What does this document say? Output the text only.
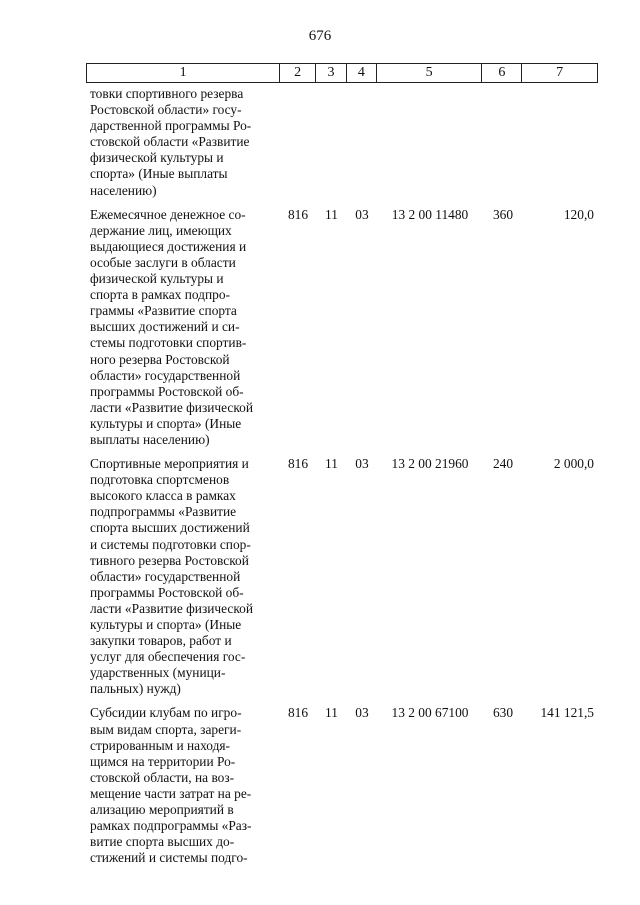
676
1	2	3	4	5	6	7
товки спортивного резерва
Ростовской области» госу-
дарственной программы Ро-
стовской области «Развитие
физической культуры и
спорта» (Иные выплаты
населению)
Ежемесячное денежное со-
держание лиц, имеющих
выдающиеся достижения и
особые заслуги в области
физической культуры и
спорта в рамках подпро-
граммы «Развитие спорта
высших достижений и си-
стемы подготовки спортив-
ного резерва Ростовской
области» государственной
программы Ростовской об-
ласти «Развитие физической
культуры и спорта» (Иные
выплаты населению)
816	11	03	13 2 00 11480	360	120,0
Спортивные мероприятия и
подготовка спортсменов
высокого класса в рамках
подпрограммы «Развитие
спорта высших достижений
и системы подготовки спор-
тивного резерва Ростовской
области» государственной
программы Ростовской об-
ласти «Развитие физической
культуры и спорта» (Иные
закупки товаров, работ и
услуг для обеспечения гос-
ударственных (муници-
пальных) нужд)
816	11	03	13 2 00 21960	240	2 000,0
Субсидии клубам по игро-
вым видам спорта, зареги-
стрированным и находя-
щимся на территории Ро-
стовской области, на воз-
мещение части затрат на ре-
ализацию мероприятий в
рамках подпрограммы «Раз-
витие спорта высших до-
стижений и системы подго-
816	11	03	13 2 00 67100	630	141 121,5
